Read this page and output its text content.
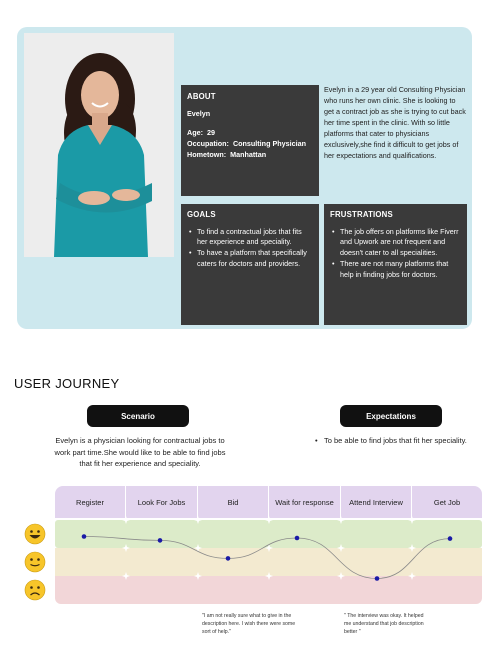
ABOUT
Evelyn
Age: 29
Occupation: Consulting Physician
Hometown: Manhattan
Evelyn in a 29 year old Consulting Physician who runs her own clinic. She is looking to get a contract job as she is trying to cut back her time spent in the clinic. With so little platforms that cater to physicians exclusively,she find it difficult to get jobs of her expectations and qualifications.
GOALS
• To find a contractual jobs that fits her experience and speciality.
• To have a platform that specifically caters for doctors and providers.
FRUSTRATIONS
• The job offers on platforms like Fiverr and Upwork are not frequent and doesn't cater to all specialities.
• There are not many platforms that help in finding jobs for doctors.
USER JOURNEY
Scenario	Expectations
Evelyn is a physician looking for contractual jobs to work part time.She would like to be able to find jobs that fit her experience and speciality.
• To be able to find jobs that fit her speciality.
Register	Look For Jobs	Bid	Wait for response	Attend Interview	Get Job
"I am not really sure what to give in the description here. I wish there were some sort of help."
" The interview was okay. It helped me understand that job description better "
